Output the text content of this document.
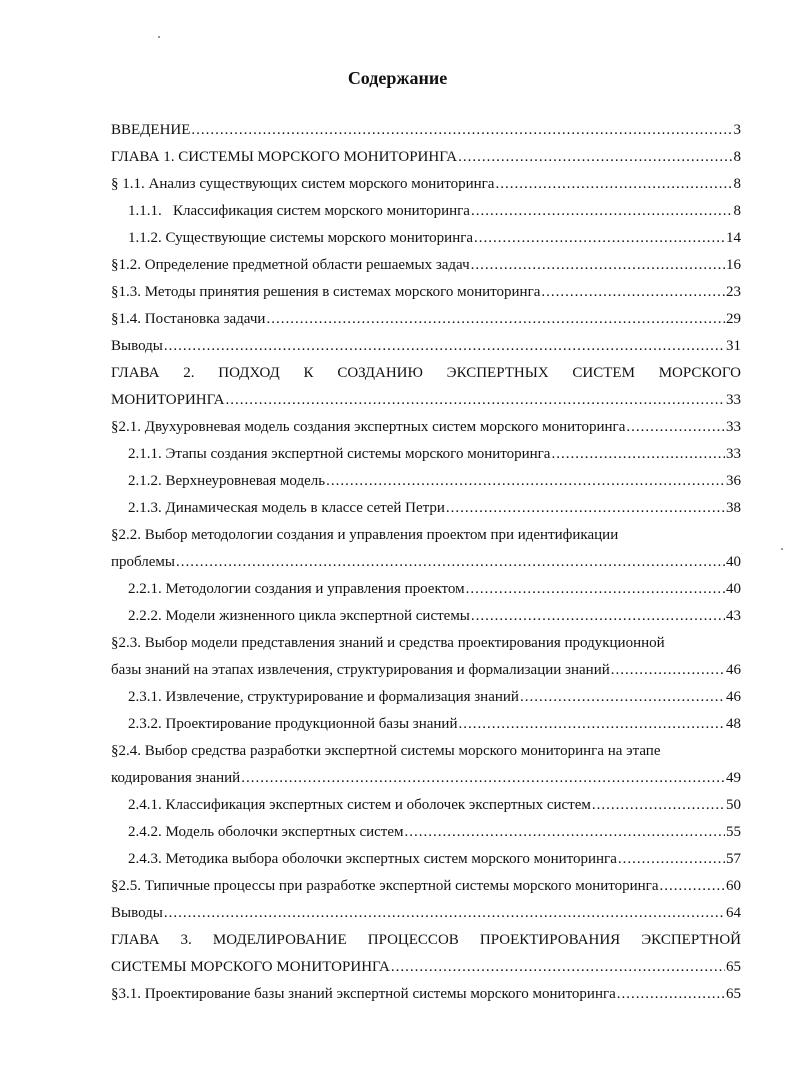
Содержание
ВВЕДЕНИЕ .....	3
ГЛАВА 1. СИСТЕМЫ МОРСКОГО МОНИТОРИНГА .....	8
§ 1.1. Анализ существующих систем морского мониторинга .....	8
1.1.1.   Классификация систем морского мониторинга .....	8
1.1.2. Существующие системы морского мониторинга .....	14
§1.2. Определение предметной области решаемых задач .....	16
§1.3. Методы принятия решения в системах морского мониторинга .....	23
§1.4. Постановка задачи .....	29
Выводы .....	31
ГЛАВА 2. ПОДХОД К СОЗДАНИЮ ЭКСПЕРТНЫХ СИСТЕМ МОРСКОГО
МОНИТОРИНГА .....	33
§2.1. Двухуровневая модель создания экспертных систем морского мониторинга .....	33
2.1.1. Этапы создания экспертной системы морского мониторинга .....	33
2.1.2. Верхнеуровневая модель .....	36
2.1.3. Динамическая модель в классе сетей Петри .....	38
§2.2. Выбор методологии создания и управления проектом при идентификации
проблемы .....	40
2.2.1. Методологии создания и управления проектом .....	40
2.2.2. Модели жизненного цикла экспертной системы .....	43
§2.3. Выбор модели представления знаний и средства проектирования продукционной
базы знаний на этапах извлечения, структурирования и формализации знаний .....	46
2.3.1. Извлечение, структурирование и формализация знаний .....	46
2.3.2. Проектирование продукционной базы знаний .....	48
§2.4. Выбор средства разработки экспертной системы морского мониторинга на этапе
кодирования знаний .....	49
2.4.1. Классификация экспертных систем и оболочек экспертных систем .....	50
2.4.2. Модель оболочки экспертных систем .....	55
2.4.3. Методика выбора оболочки экспертных систем морского мониторинга .....	57
§2.5. Типичные процессы при разработке экспертной системы морского мониторинга .....	60
Выводы .....	64
ГЛАВА 3. МОДЕЛИРОВАНИЕ ПРОЦЕССОВ ПРОЕКТИРОВАНИЯ ЭКСПЕРТНОЙ
СИСТЕМЫ МОРСКОГО МОНИТОРИНГА .....	65
§3.1. Проектирование базы знаний экспертной системы морского мониторинга .....	65
